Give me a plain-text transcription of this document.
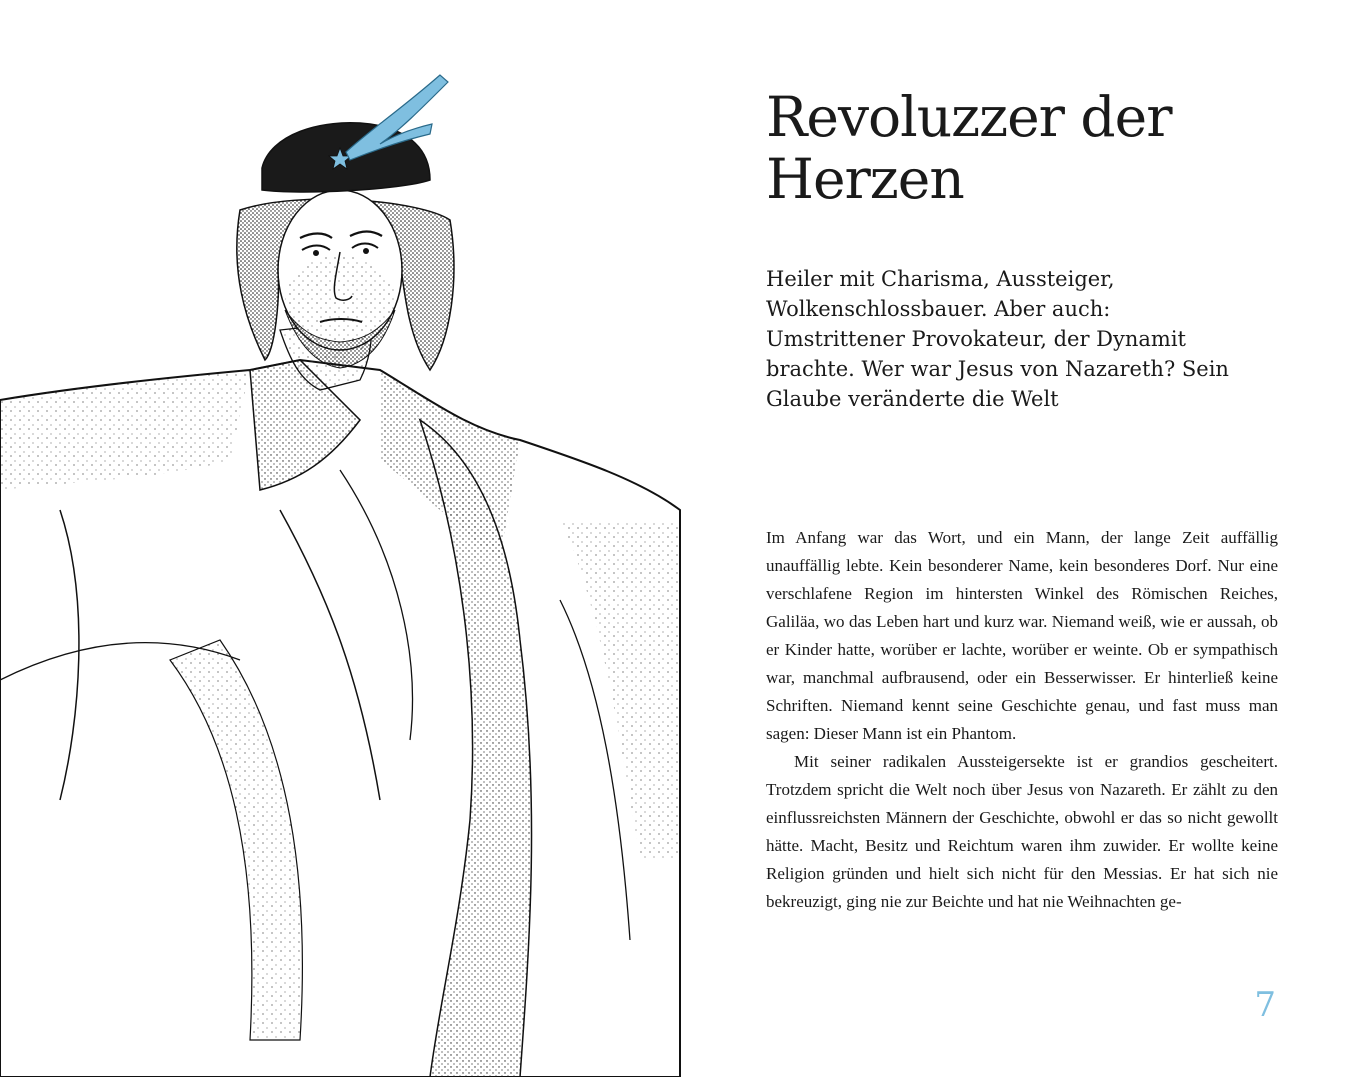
Revoluzzer der
Herzen

Heiler mit Charisma, Aussteiger, Wolkenschlossbauer. Aber auch: Umstrittener Provokateur, der Dynamit brachte. Wer war Jesus von Nazareth? Sein Glaube veränderte die Welt

Im Anfang war das Wort, und ein Mann, der lange Zeit auffällig unauffällig lebte. Kein besonderer Name, kein besonderes Dorf. Nur eine verschlafene Region im hintersten Winkel des Römischen Reiches, Galiläa, wo das Leben hart und kurz war. Niemand weiß, wie er aussah, ob er Kinder hatte, worüber er lachte, worüber er weinte. Ob er sympathisch war, manchmal aufbrausend, oder ein Besserwisser. Er hinterließ keine Schriften. Niemand kennt seine Geschichte genau, und fast muss man sagen: Dieser Mann ist ein Phantom.

Mit seiner radikalen Aussteigersekte ist er grandios gescheitert. Trotzdem spricht die Welt noch über Jesus von Nazareth. Er zählt zu den einflussreichsten Männern der Geschichte, obwohl er das so nicht gewollt hätte. Macht, Besitz und Reichtum waren ihm zuwider. Er wollte keine Religion gründen und hielt sich nicht für den Messias. Er hat sich nie bekreuzigt, ging nie zur Beichte und hat nie Weihnachten ge-

7
